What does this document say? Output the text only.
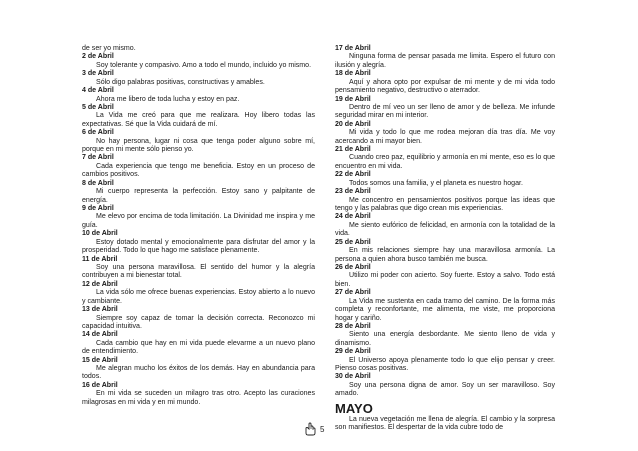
de ser yo mismo.
2 de Abril
Soy tolerante y compasivo. Amo a todo el mundo, incluido yo mismo.
3 de Abril
Sólo digo palabras positivas, constructivas y amables.
4 de Abril
Ahora me libero de toda lucha y estoy en paz.
5 de Abril
La Vida me creó para que me realizara. Hoy libero todas las expectativas. Sé que la Vida cuidará de mí.
6 de Abril
No hay persona, lugar ni cosa que tenga poder alguno sobre mí, porque en mi mente sólo pienso yo.
7 de Abril
Cada experiencia que tengo me beneficia. Estoy en un proceso de cambios positivos.
8 de Abril
Mi cuerpo representa la perfección. Estoy sano y palpitante de energía.
9 de Abril
Me elevo por encima de toda limitación. La Divinidad me inspira y me guía.
10 de Abril
Estoy dotado mental y emocionalmente para disfrutar del amor y la prosperidad. Todo lo que hago me satisface plenamente.
11 de Abril
Soy una persona maravillosa. El sentido del humor y la alegría contribuyen a mi bienestar total.
12 de Abril
La vida sólo me ofrece buenas experiencias. Estoy abierto a lo nuevo y cambiante.
13 de Abril
Siempre soy capaz de tomar la decisión correcta. Reconozco mi capacidad intuitiva.
14 de Abril
Cada cambio que hay en mi vida puede elevarme a un nuevo plano de entendimiento.
15 de Abril
Me alegran mucho los éxitos de los demás. Hay en abundancia para todos.
16 de Abril
En mi vida se suceden un milagro tras otro. Acepto las curaciones milagrosas en mi vida y en mi mundo.
17 de Abril
Ninguna forma de pensar pasada me limita. Espero el futuro con ilusión y alegría.
18 de Abril
Aquí y ahora opto por expulsar de mi mente y de mi vida todo pensamiento negativo, destructivo o aterrador.
19 de Abril
Dentro de mí veo un ser lleno de amor y de belleza. Me infunde seguridad mirar en mi interior.
20 de Abril
Mi vida y todo lo que me rodea mejoran día tras día. Me voy acercando a mi mayor bien.
21 de Abril
Cuando creo paz, equilibrio y armonía en mi mente, eso es lo que encuentro en mi vida.
22 de Abril
Todos somos una familia, y el planeta es nuestro hogar.
23 de Abril
Me concentro en pensamientos positivos porque las ideas que tengo y las palabras que digo crean mis experiencias.
24 de Abril
Me siento eufórico de felicidad, en armonía con la totalidad de la vida.
25 de Abril
En mis relaciones siempre hay una maravillosa armonía. La persona a quien ahora busco también me busca.
26 de Abril
Utilizo mi poder con acierto. Soy fuerte. Estoy a salvo. Todo está bien.
27 de Abril
La Vida me sustenta en cada tramo del camino. De la forma más completa y reconfortante, me alimenta, me viste, me proporciona hogar y cariño.
28 de Abril
Siento una energía desbordante. Me siento lleno de vida y dinamismo.
29 de Abril
El Universo apoya plenamente todo lo que elijo pensar y creer. Pienso cosas positivas.
30 de Abril
Soy una persona digna de amor. Soy un ser maravilloso. Soy amado.
MAYO
La nueva vegetación me llena de alegría. El cambio y la sorpresa son manifiestos. El despertar de la vida cubre todo de
5
